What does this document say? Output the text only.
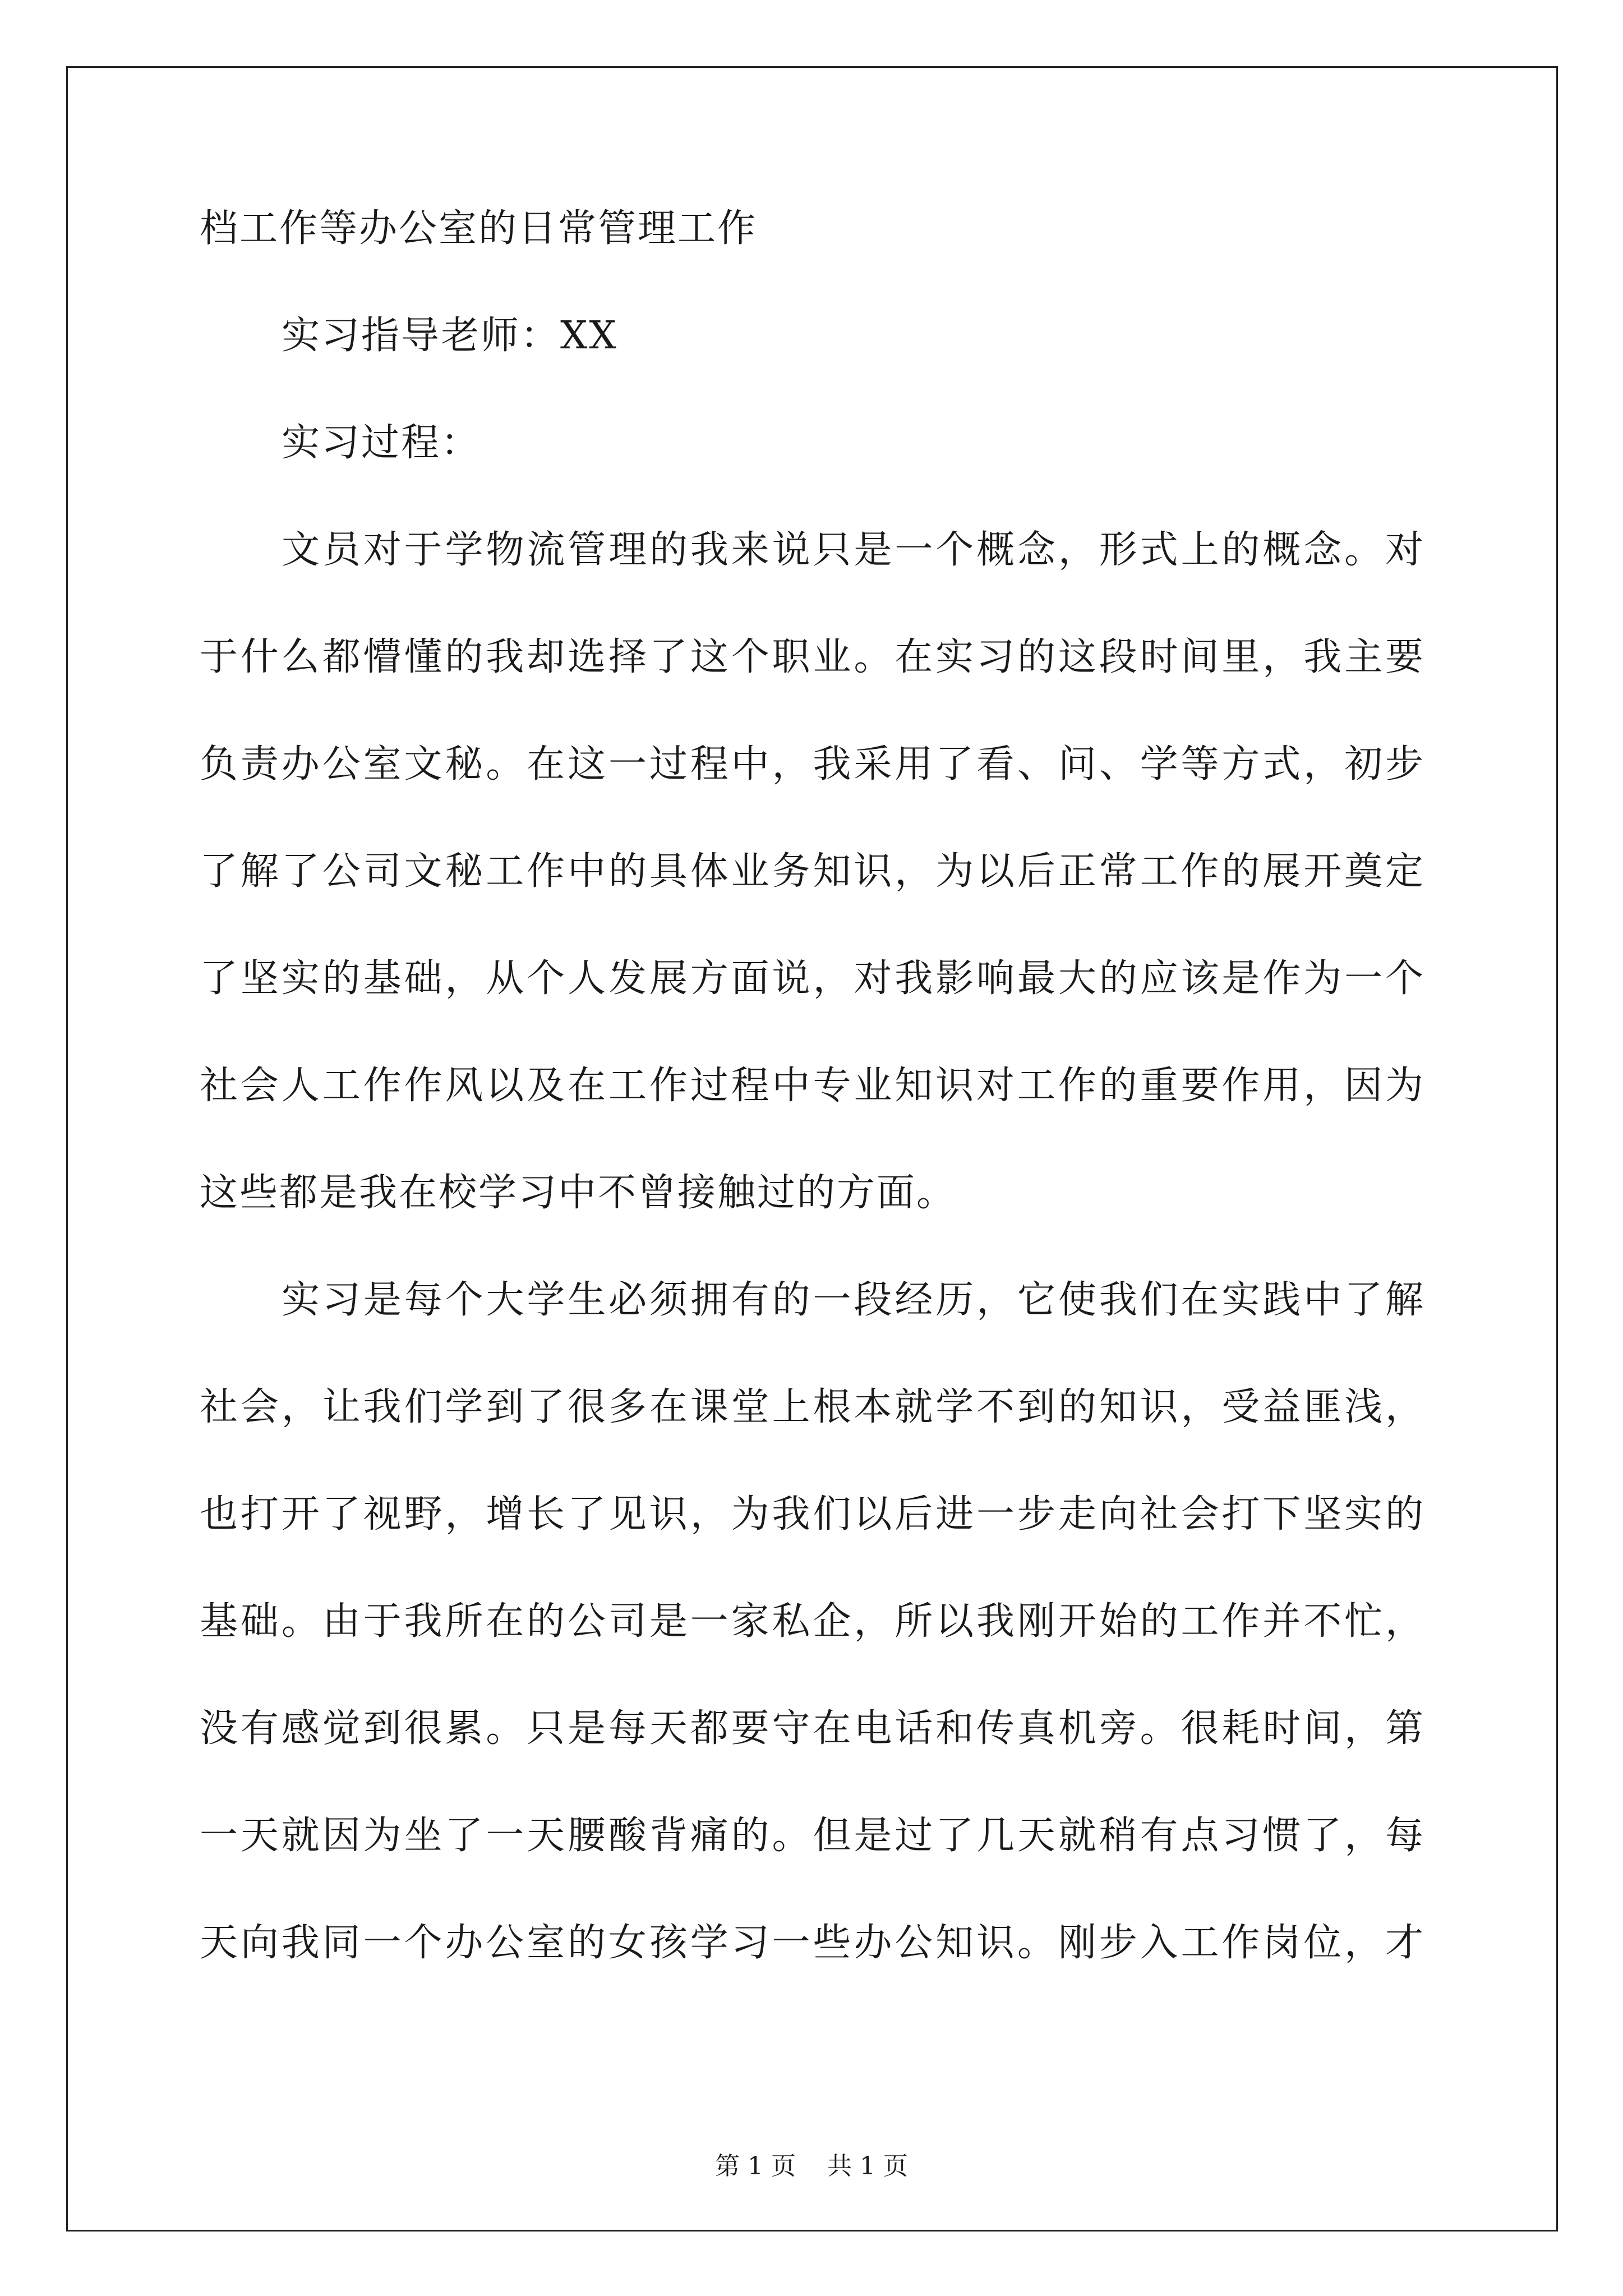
档工作等办公室的日常管理工作
实习指导老师：XX
实习过程：
文员对于学物流管理的我来说只是一个概念，形式上的概念。对
于什么都懵懂的我却选择了这个职业。在实习的这段时间里，我主要
负责办公室文秘。在这一过程中，我采用了看、问、学等方式，初步
了解了公司文秘工作中的具体业务知识，为以后正常工作的展开奠定
了坚实的基础，从个人发展方面说，对我影响最大的应该是作为一个
社会人工作作风以及在工作过程中专业知识对工作的重要作用，因为
这些都是我在校学习中不曾接触过的方面。
实习是每个大学生必须拥有的一段经历，它使我们在实践中了解
社会，让我们学到了很多在课堂上根本就学不到的知识，受益匪浅，
也打开了视野，增长了见识，为我们以后进一步走向社会打下坚实的
基础。由于我所在的公司是一家私企，所以我刚开始的工作并不忙，
没有感觉到很累。只是每天都要守在电话和传真机旁。很耗时间，第
一天就因为坐了一天腰酸背痛的。但是过了几天就稍有点习惯了，每
天向我同一个办公室的女孩学习一些办公知识。刚步入工作岗位，才
第 1 页    共 1 页
